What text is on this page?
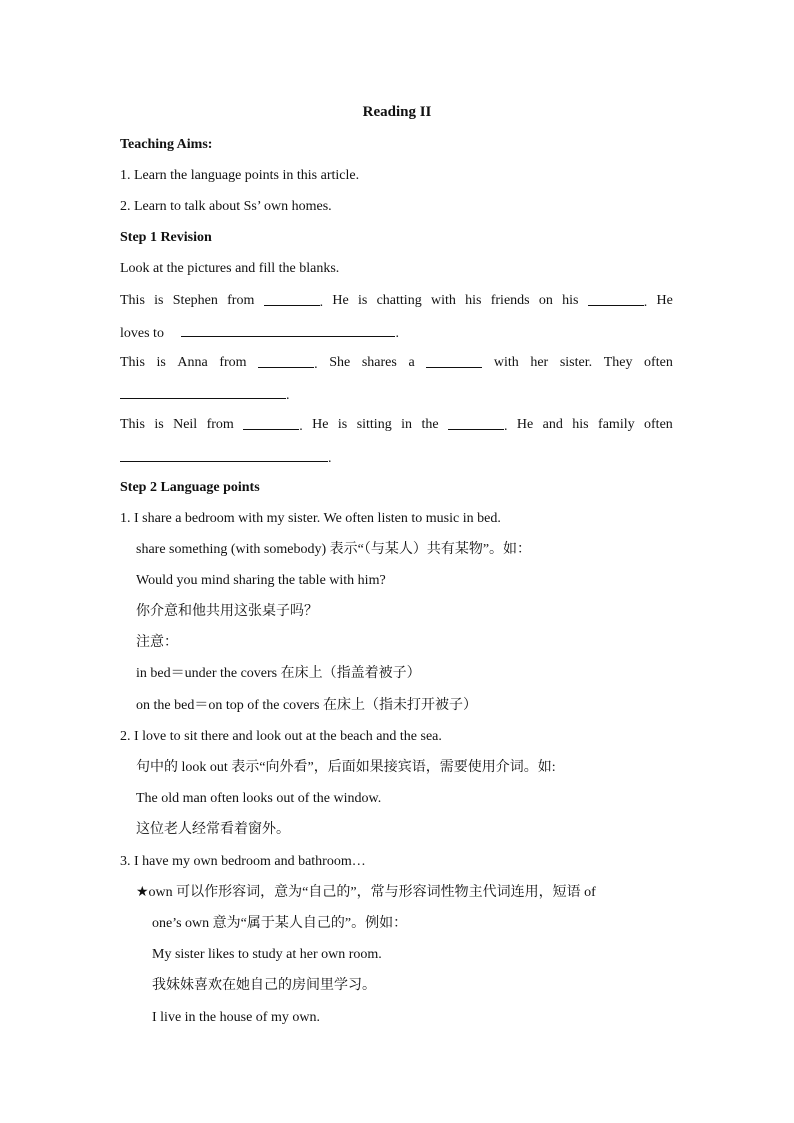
Reading II
Teaching Aims:
1. Learn the language points in this article.
2. Learn to talk about Ss’ own homes.
Step 1 Revision
Look at the pictures and fill the blanks.
This is Stephen from	. He is chatting with his friends on his	. He
loves to	.
This is Anna from	. She shares a	with her sister. They often
.
This is Neil from	. He is sitting in the	. He and his family often
.
Step 2 Language points
1. I share a bedroom with my sister. We often listen to music in bed.
share something (with somebody) 表示“（与某人）共有某物”。如：
Would you mind sharing the table with him?
你介意和他共用这张桌子吗？
注意：
in bed＝under the covers 在床上（指盖着被子）
on the bed＝on top of the covers 在床上（指未打开被子）
2. I love to sit there and look out at the beach and the sea.
句中的 look out 表示“向外看”，后面如果接宾语，需要使用介词。如:
The old man often looks out of the window.
这位老人经常看着窗外。
3. I have my own bedroom and bathroom…
★own 可以作形容词，意为“自己的”，常与形容词性物主代词连用，短语 of
one’s own 意为“属于某人自己的”。例如：
My sister likes to study at her own room.
我妹妹喜欢在她自己的房间里学习。
I live in the house of my own.
